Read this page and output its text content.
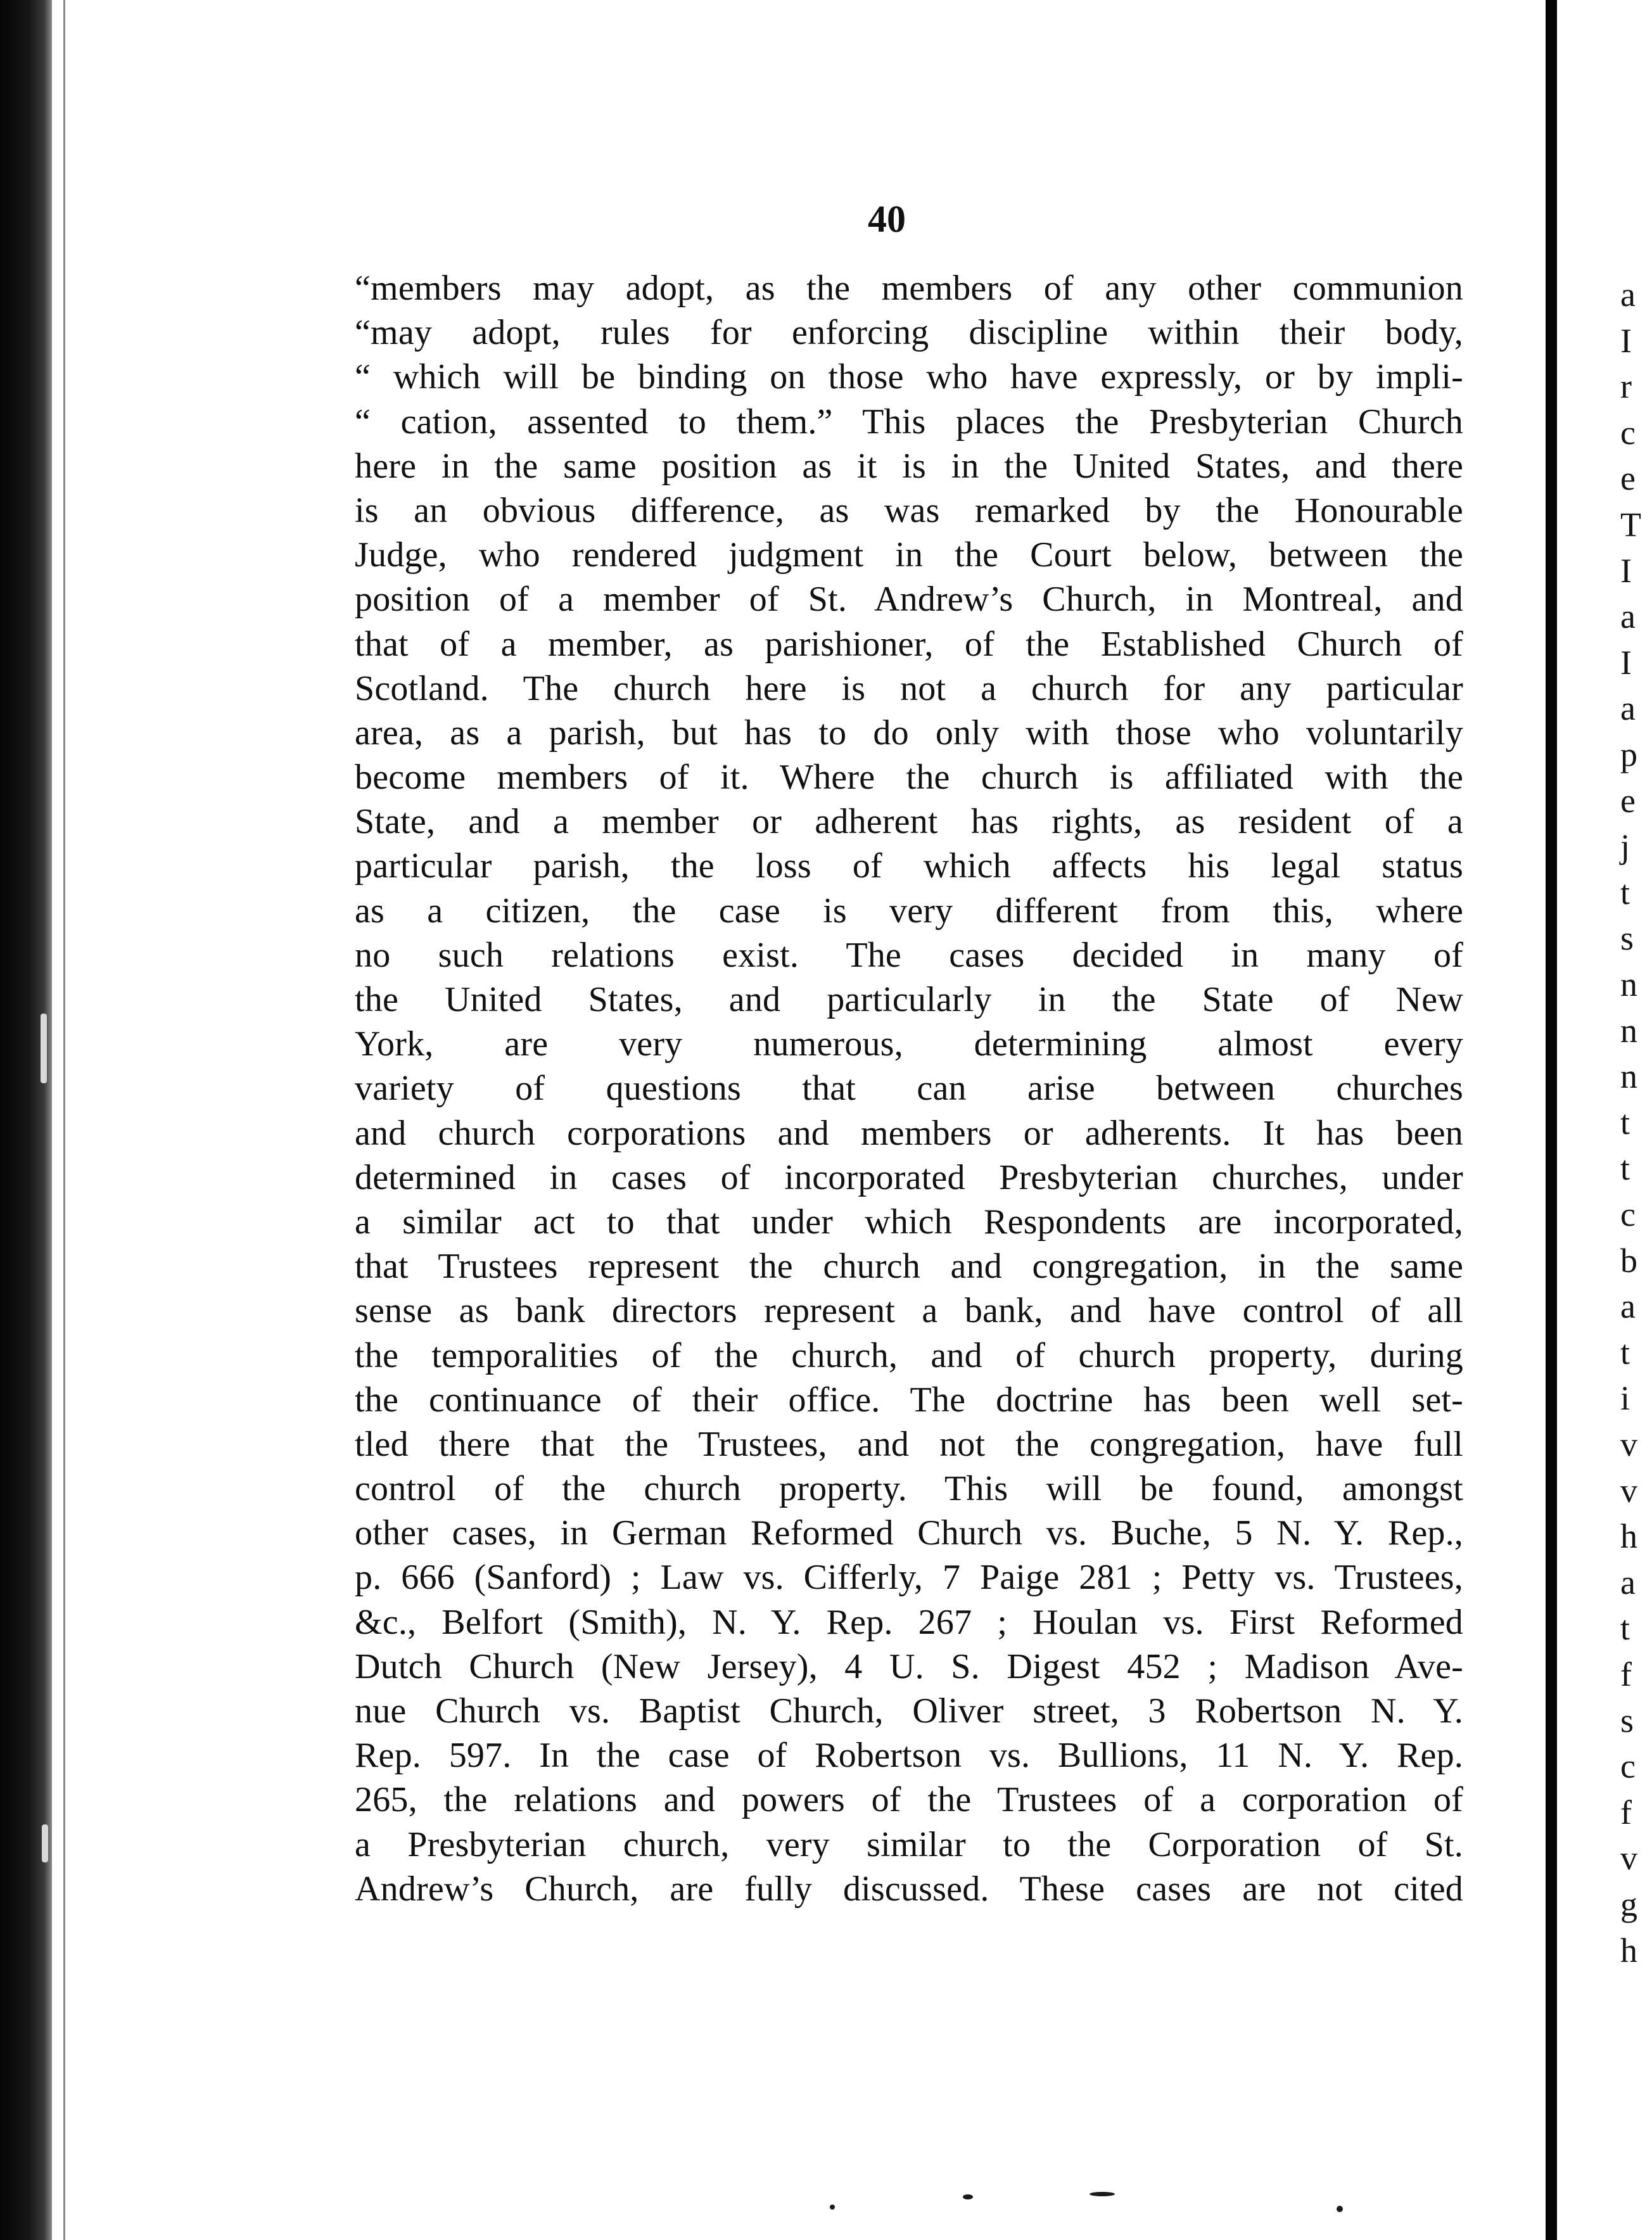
40
“members may adopt, as the members of any other communion
“may adopt, rules for enforcing discipline within their body,
“ which will be binding on those who have expressly, or by impli-
“ cation, assented to them.” This places the Presbyterian Church
here in the same position as it is in the United States, and there
is an obvious difference, as was remarked by the Honourable
Judge, who rendered judgment in the Court below, between the
position of a member of St. Andrew’s Church, in Montreal, and
that of a member, as parishioner, of the Established Church of
Scotland. The church here is not a church for any particular
area, as a parish, but has to do only with those who voluntarily
become members of it. Where the church is affiliated with the
State, and a member or adherent has rights, as resident of a
particular parish, the loss of which affects his legal status
as a citizen, the case is very different from this, where
no such relations exist. The cases decided in many of
the United States, and particularly in the State of New
York, are very numerous, determining almost every
variety of questions that can arise between churches
and church corporations and members or adherents. It has been
determined in cases of incorporated Presbyterian churches, under
a similar act to that under which Respondents are incorporated,
that Trustees represent the church and congregation, in the same
sense as bank directors represent a bank, and have control of all
the temporalities of the church, and of church property, during
the continuance of their office. The doctrine has been well set-
tled there that the Trustees, and not the congregation, have full
control of the church property. This will be found, amongst
other cases, in German Reformed Church vs. Buche, 5 N. Y. Rep.,
p. 666 (Sanford) ; Law vs. Cifferly, 7 Paige 281 ; Petty vs. Trustees,
&c., Belfort (Smith), N. Y. Rep. 267 ; Houlan vs. First Reformed
Dutch Church (New Jersey), 4 U. S. Digest 452 ; Madison Ave-
nue Church vs. Baptist Church, Oliver street, 3 Robertson N. Y.
Rep. 597. In the case of Robertson vs. Bullions, 11 N. Y. Rep.
265, the relations and powers of the Trustees of a corporation of
a Presbyterian church, very similar to the Corporation of St.
Andrew’s Church, are fully discussed. These cases are not cited
a
I
r
c
e
T
I
a
I
a
p
e
j
t
s
n
n
n
t
t
c
b
a
t
i
v
v
h
a
t
f
s
c
f
v
g
h
